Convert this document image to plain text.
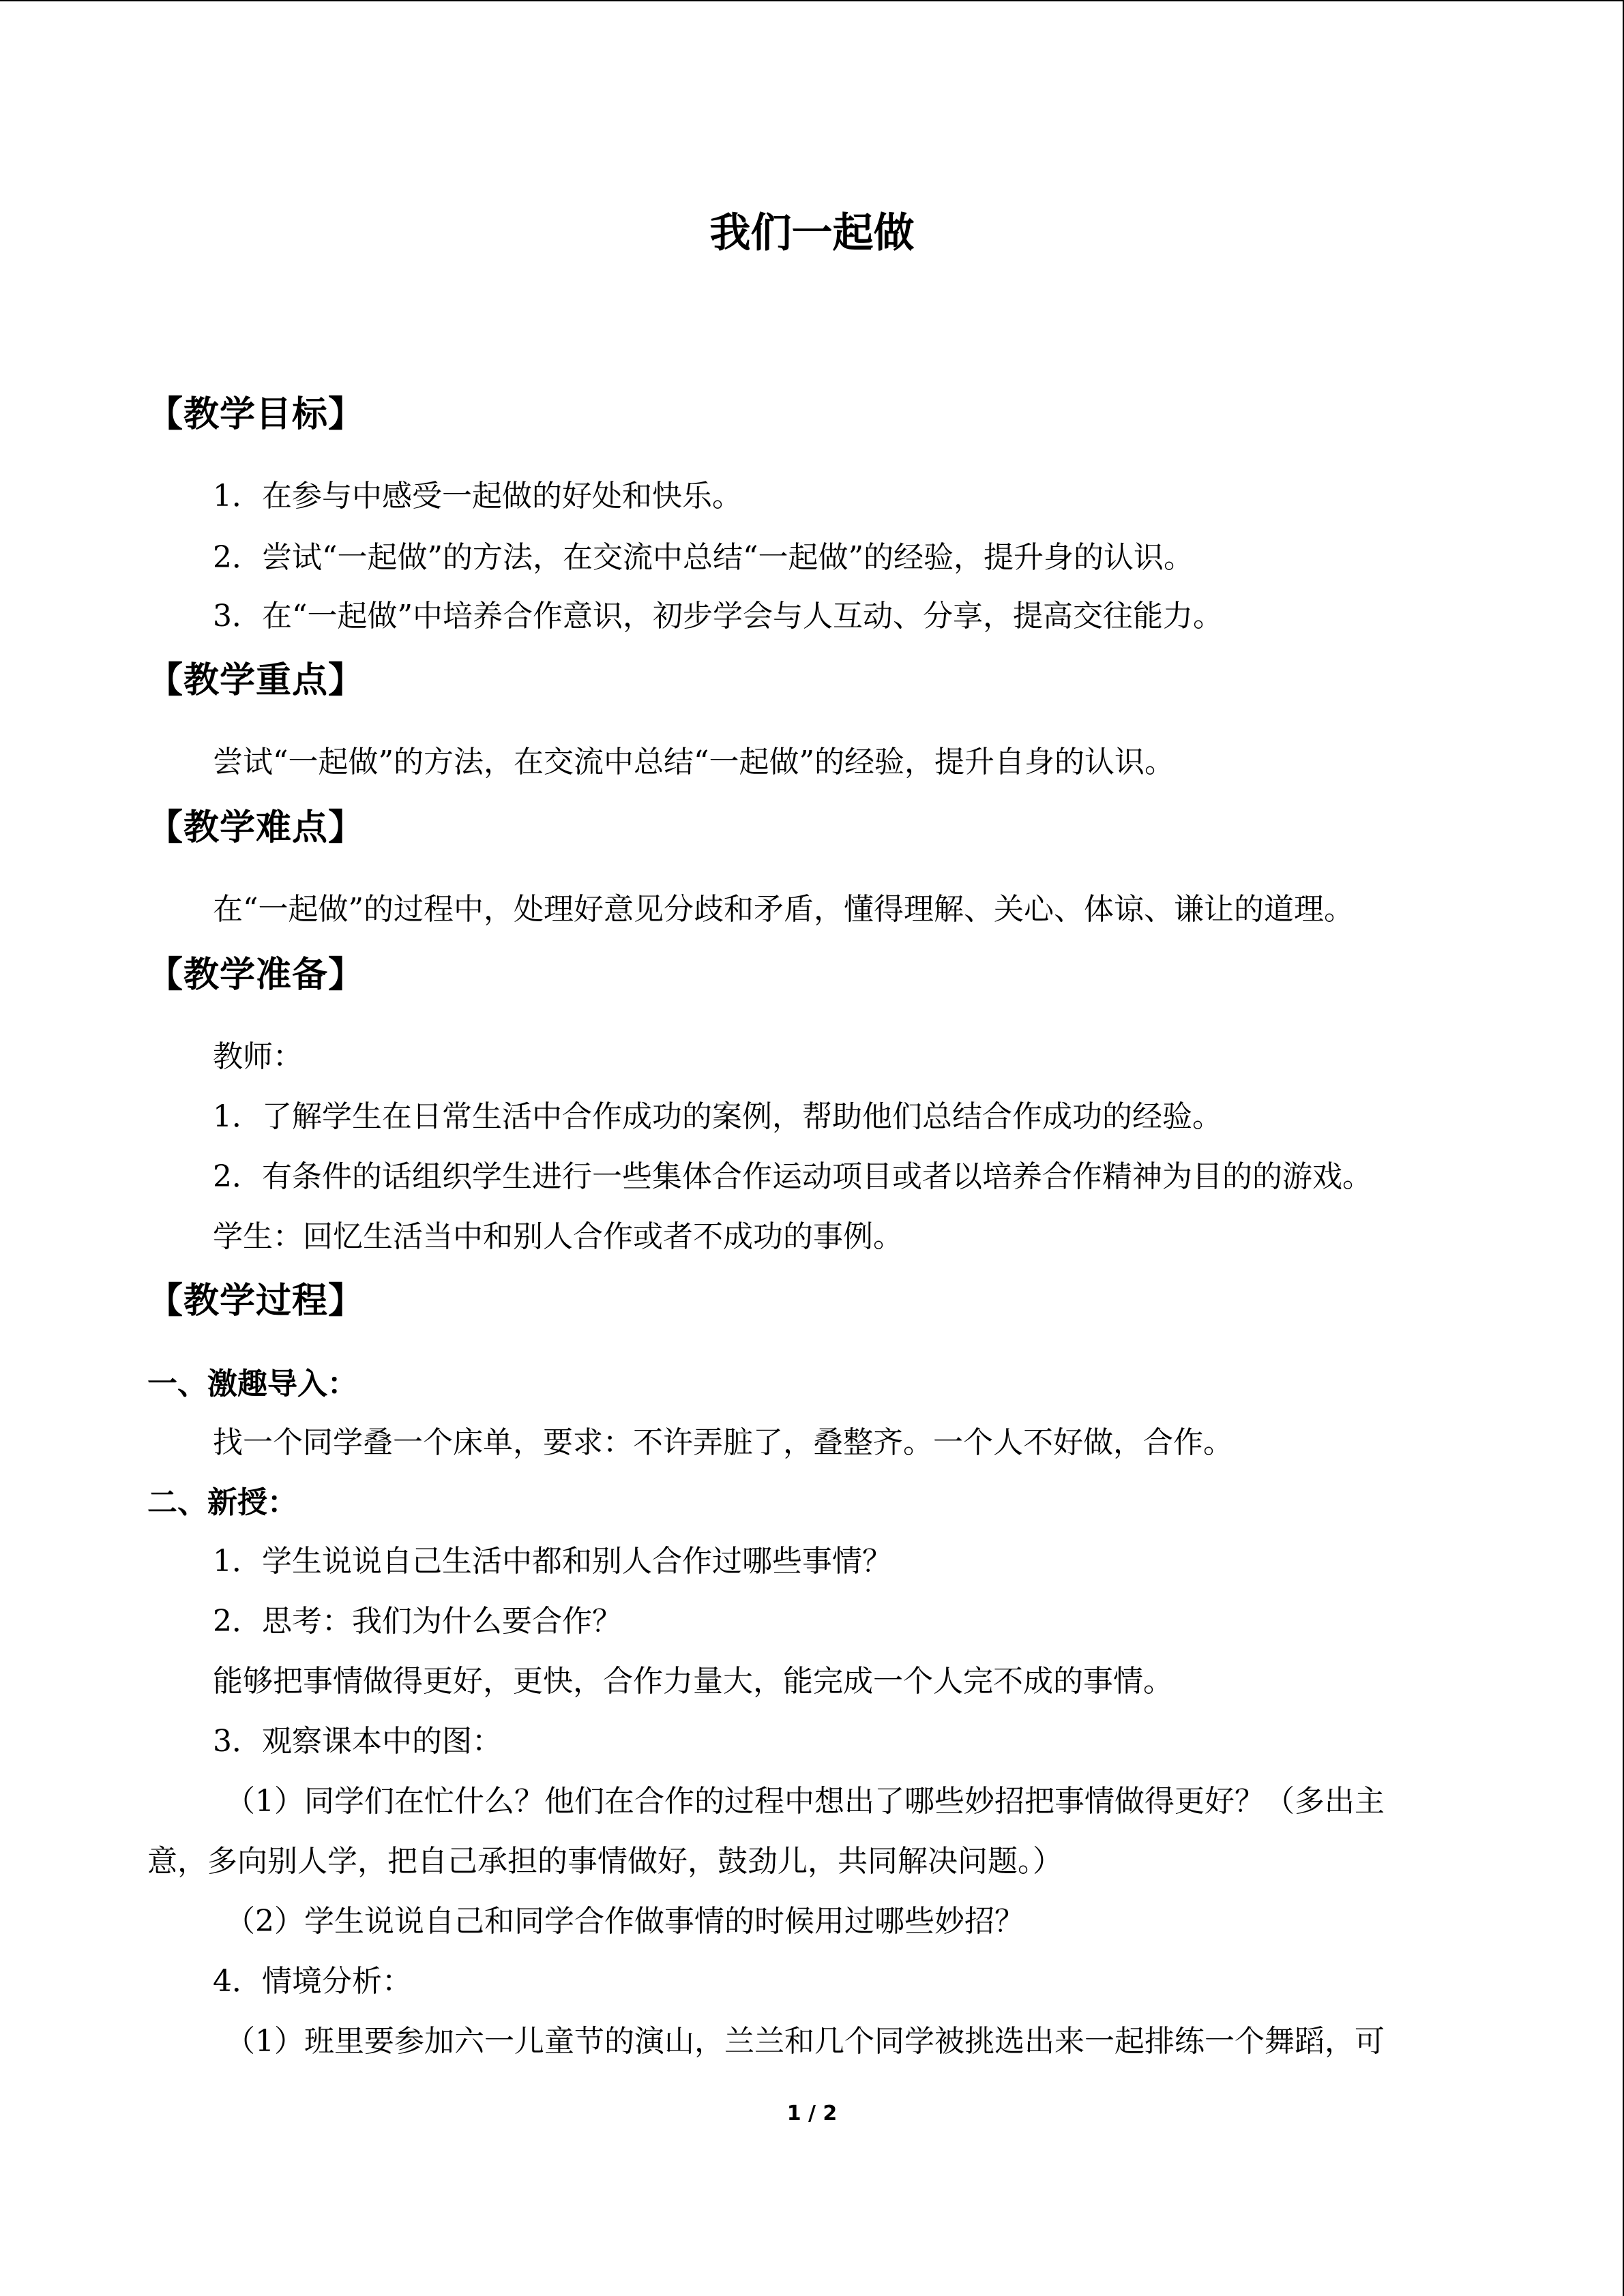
我们一起做
【教学目标】
1．在参与中感受一起做的好处和快乐。
2．尝试“一起做”的方法，在交流中总结“一起做”的经验，提升身的认识。
3．在“一起做”中培养合作意识，初步学会与人互动、分享，提高交往能力。
【教学重点】
尝试“一起做”的方法，在交流中总结“一起做”的经验，提升自身的认识。
【教学难点】
在“一起做”的过程中，处理好意见分歧和矛盾，懂得理解、关心、体谅、谦让的道理。
【教学准备】
教师：
1．了解学生在日常生活中合作成功的案例，帮助他们总结合作成功的经验。
2．有条件的话组织学生进行一些集体合作运动项目或者以培养合作精神为目的的游戏。
学生：回忆生活当中和别人合作或者不成功的事例。
【教学过程】
一、激趣导入：
找一个同学叠一个床单，要求：不许弄脏了，叠整齐。一个人不好做，合作。
二、新授：
1．学生说说自己生活中都和别人合作过哪些事情？
2．思考：我们为什么要合作？
能够把事情做得更好，更快，合作力量大，能完成一个人完不成的事情。
3．观察课本中的图：
（1）同学们在忙什么？他们在合作的过程中想出了哪些妙招把事情做得更好？（多出主
意，多向别人学，把自己承担的事情做好，鼓劲儿，共同解决问题。）
（2）学生说说自己和同学合作做事情的时候用过哪些妙招？
4．情境分析：
（1）班里要参加六一儿童节的演山，兰兰和几个同学被挑选出来一起排练一个舞蹈，可
1 / 2
